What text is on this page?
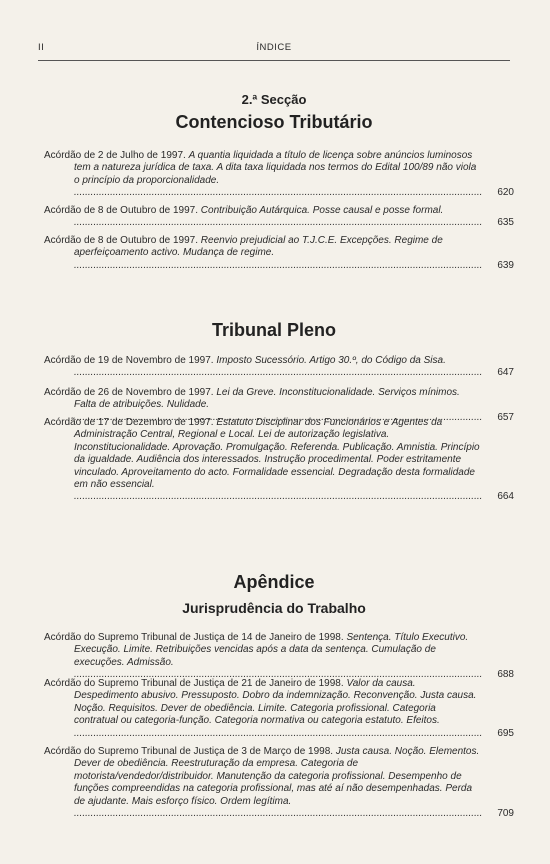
II	ÍNDICE
2.ª Secção
Contencioso Tributário
Acórdão de 2 de Julho de 1997. A quantia liquidada a título de licença sobre anúncios luminosos tem a natureza jurídica de taxa. A dita taxa liquidada nos termos do Edital 100/89 não viola o princípio da proporcionalidade. .....
620
Acórdão de 8 de Outubro de 1997. Contribuição Autárquica. Posse causal e posse formal. .....
635
Acórdão de 8 de Outubro de 1997. Reenvio prejudicial ao T.J.C.E. Excepções. Regime de aperfeiçoamento activo. Mudança de regime. .....
639
Tribunal Pleno
Acórdão de 19 de Novembro de 1997. Imposto Sucessório. Artigo 30.º, do Código da Sisa. .....
647
Acórdão de 26 de Novembro de 1997. Lei da Greve. Inconstitucionalidade. Serviços mínimos. Falta de atribuições. Nulidade. .....
657
Acórdão de 17 de Dezembro de 1997. Estatuto Disciplinar dos Funcionários e Agentes da Administração Central, Regional e Local. Lei de autorização legislativa. Inconstitucionalidade. Aprovação. Promulgação. Referenda. Publicação. Amnistia. Princípio da igualdade. Audiência dos interessados. Instrução procedimental. Poder estritamente vinculado. Aproveitamento do acto. Formalidade essencial. Degradação desta formalidade em não essencial. .....
664
Apêndice
Jurisprudência do Trabalho
Acórdão do Supremo Tribunal de Justiça de 14 de Janeiro de 1998. Sentença. Título Executivo. Execução. Limite. Retribuições vencidas após a data da sentença. Cumulação de execuções. Admissão. .....
688
Acórdão do Supremo Tribunal de Justiça de 21 de Janeiro de 1998. Valor da causa. Despedimento abusivo. Pressuposto. Dobro da indemnização. Reconvenção. Justa causa. Noção. Requisitos. Dever de obediência. Limite. Categoria profissional. Categoria contratual ou categoria-função. Categoria normativa ou categoria estatuto. Efeitos. .....
695
Acórdão do Supremo Tribunal de Justiça de 3 de Março de 1998. Justa causa. Noção. Elementos. Dever de obediência. Reestruturação da empresa. Categoria de motorista/vendedor/distribuidor. Manutenção da categoria profissional. Desempenho de funções compreendidas na categoria profissional, mas até aí não desempenhadas. Perda de ajudante. Mais esforço físico. Ordem legítima. .....
709
